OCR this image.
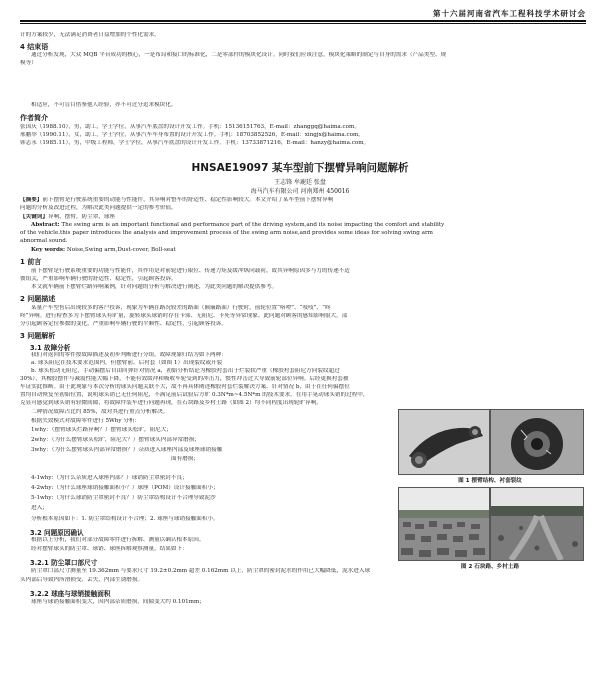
第十六届河南省汽车工程科技学术研讨会
计的方案较少，无法满足消费者日益增加的个性化需求。
4 结束语
通过分析发现，大众 MQB 平台成功的核心，一是布局和接口的标准化，二是零部件的模块化设计。同时我们应该注意，模块化策略的制定与自身的需求（产品类型、规
模等）
相适应，不可盲目借鉴他人经验，亦不可过分追求模块化。
作者简介
张国庆（1988.10），男，助工，学士学位，从事汽车底盘的设计开发工作。手机：15136151763，E-mail：zhanggq@haima.com。
邢鹏举（1990.11），女，助工，学士学位，从事汽车车身布置的设计开发工作。手机：18703852526，E-mail：xingjx@haima.com。
韩志永（1985.11），男，中级工程师，学士学位，从事汽车底盘的设计开发工作。手机：13733871216，E-mail：hanzy@haima.com。
HNSAE19097 某车型前下摆臂异响问题解析
王志锋 牟鹿廷 张盘
海马汽车有限公司 河南郑州 450016
【摘要】前下摆臂是行驶系统重要的动能与性能件，其异响对整车的舒适性、稳定性影响较大。本文介绍了某车型前下摆臂异响
问题的分析及改进过程，为解决此类问题提供一定的参考价值。
【关键词】异响，摆臂，防尘罩，球座
Abstract: The swing arm is an important functional and performance part of the driving system,and its noise impacting the comfort and stability
of the vehicle.this paper introduces the analysis and improvement process of the swing arm noise,and provides some ideas for solving swing arm
abnormal sound.
Key words: Noise,Swing arm,Dust-cover, Boll-seat
1 前言
前下摆臂是行驶系统重要的功能与性能件，其作用是对前轮进行限位、传递力矩及缓冲纵向载荷，故其异响原因多与力的传递不适
彼组关，严重影响车辆行驶的舒适性、稳定性，引起顾客投诉。
本文就车辆前下摆臂烂路异响案例，针对问题的分析与解决进行阐述，为此类问题的解决提供参考。
2 问题描述
某量产车型售后出现较多的客户投诉，现象为车辆在路况较差的路面（颠簸路面）行驶时，前轮位置“咯噔”、“吱吱”、“咚
咚”异响。进行检查多为下摆臂球头有旷量，旋转球头球销时存在卡滞、无阻尼、卡死等异常现象。此问题对顾客的感知影响很大，部
分引起顾客定位参数的变化，严重影响车辆行驶的平顺性、稳定性，引起顾客投诉。
3 问题解析
3.1 故障分析
我们对返回的零件按故障描述及初步判断进行分组，故障现象归结为如下两种：
a. 球头阻尼在技术要求范围内，但摆臂前、后衬套（如图 1）出现裂纹或开裂
b. 球头松动无阻尼，手动偏摆后自由回弹针对情况 a，初始分析结论为橡胶衬套出于烂裂软严重（橡胶衬套阻尼方向裂纹超过
30%），其橡胶摆件与减震性能大幅下降，不能有效缓冲和吸收车轮受到的冲击力，惯性冲击过大导致前轮部位异响。后经更换衬套被
车证实此推断。由于此现象与本次分析的球头问题关联不大，故不再具体阐述橡胶衬套烂裂解决方案。针对情况 b，由于在任何偏摆位
置均自动恢复至初始位置，说明球头销已无任何阻尼，不满足前后试验后方旷 0.3N*m~4.5N*m 的技术要求。在用手晃动球头销的过程中，
克显可感觉到球头销有轻微间隙，将故障件装车进行问题再现，在石块路及乡村土路（如图 2）均不同程度出现轮旷异响。
二种情况故障占比约 85%，故对其进行重点分析解决。
根据失效模式对故障零件进行 5Why 分析：
1why：（摆臂球头烂路异响？）摆臂球头松旷，阻尼大；
2why：（为什么摆臂球头松旷，阻尼大？）摆臂球头内部异常磨损；
3why：（为什么摆臂球头内部异常磨损？）杂质进入球座内部及球座球销接触
面有磨损；
4-1why:（为什么杂质进入球座内部？）球销防尘罩密封不良；
4-2why:（为什么球座球销接触面积小？）球座（POM）设计接触面积小；
5-1why:（为什么球销防尘罩密封不良？）防尘罩结构设计不合理导致泥沙
进入；
分析根本原因如下：1. 防尘罩结构设计不合理；2. 球座与球销接触面积小。
3.2 问题原因确认
根据以上分析，我们对部分故障零件进行拆解、测量以确认根本原因。
经对摆臂球头的防尘罩、球销、球座拆解观察测量，结果如下：
3.2.1 防尘罩口部尺寸
防尘罩口部尺寸测量至 19.362mm 与要求尺寸 19.2±0.2mm 超差 0.162mm 以上，防尘罩的密封泥水的作用已大幅降低，泥水进入球
头内部后导致内所滑损受、丢失，内部生锈磨损。
3.2.2 球座与球销接触面积
球座与球销接触面积变大，因内部杂质磨损，间隙变大约 0.101mm；
图 1 摆臂结构、衬套裂纹
图 2 石块路、乡村土路
